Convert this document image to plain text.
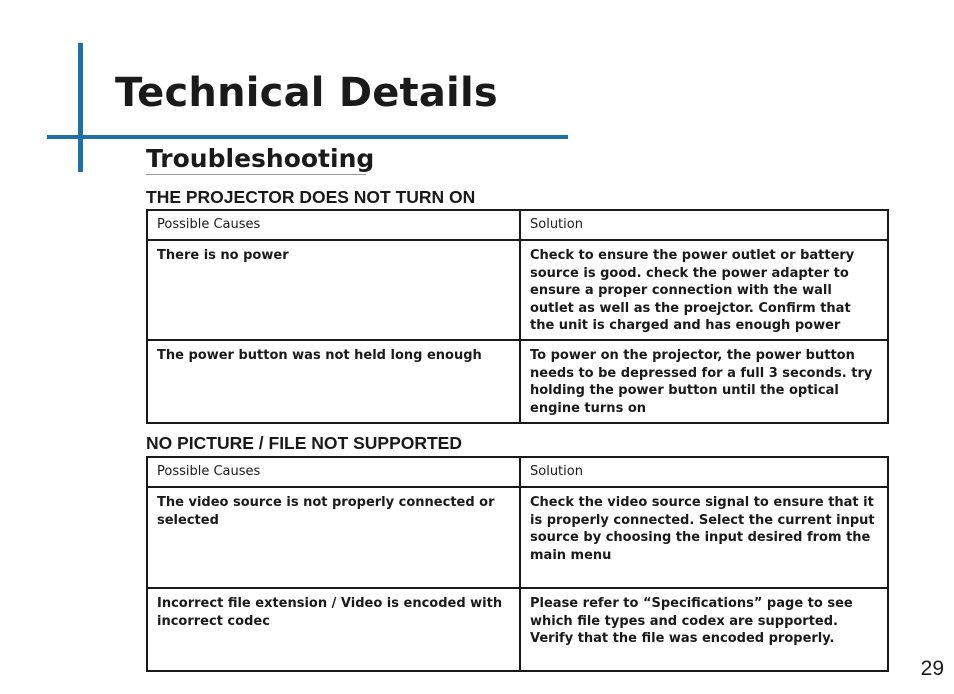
Technical Details
Troubleshooting
THE PROJECTOR DOES NOT TURN ON
Possible Causes	Solution
There is no power	Check to ensure the power outlet or battery source is good. check the power adapter to ensure a proper connection with the wall outlet as well as the proejctor. Confirm that the unit is charged and has enough power
The power button was not held long enough	To power on the projector, the power button needs to be depressed for a full 3 seconds. try holding the power button until the optical engine turns on
NO PICTURE / FILE NOT SUPPORTED
Possible Causes	Solution
The video source is not properly connected or selected	Check the video source signal to ensure that it is properly connected. Select the current input source by choosing the input desired from the main menu
Incorrect file extension / Video is encoded with incorrect codec	Please refer to “Specifications” page to see which file types and codex are supported. Verify that the file was encoded properly.
29
